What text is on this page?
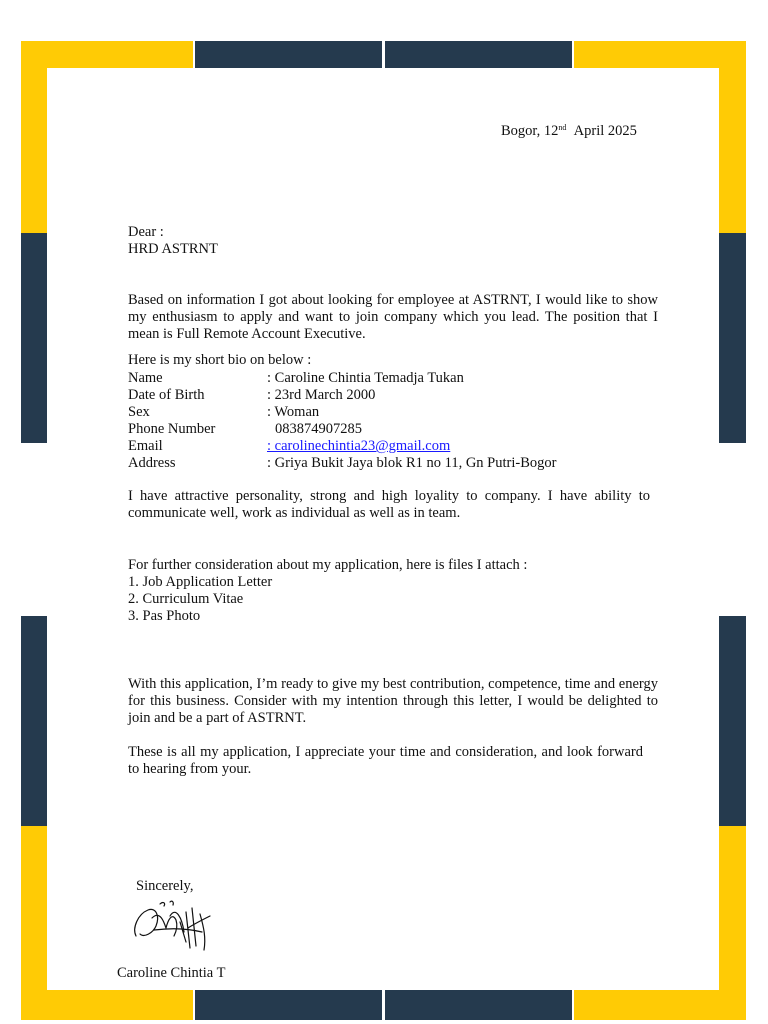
Bogor, 12nd April 2025
Dear :
HRD ASTRNT
Based on information I got about looking for employee at ASTRNT, I would like to show my enthusiasm to apply and want to join company which you lead. The position that I mean is Full Remote Account Executive.
Here is my short bio on below :
Name	: Caroline Chintia Temadja Tukan
Date of Birth	: 23rd March 2000
Sex	: Woman
Phone Number	083874907285
Email	: carolinechintia23@gmail.com
Address	: Griya Bukit Jaya blok R1 no 11, Gn Putri-Bogor
I have attractive personality, strong and high loyality to company. I have ability to communicate well, work as individual as well as in team.
For further consideration about my application, here is files I attach :
1. Job Application Letter
2. Curriculum Vitae
3. Pas Photo
With this application, I’m ready to give my best contribution, competence, time and energy for this business. Consider with my intention through this letter, I would be delighted to join and be a part of ASTRNT.
These is all my application, I appreciate your time and consideration, and look forward to hearing from your.
Sincerely,
Caroline Chintia T
